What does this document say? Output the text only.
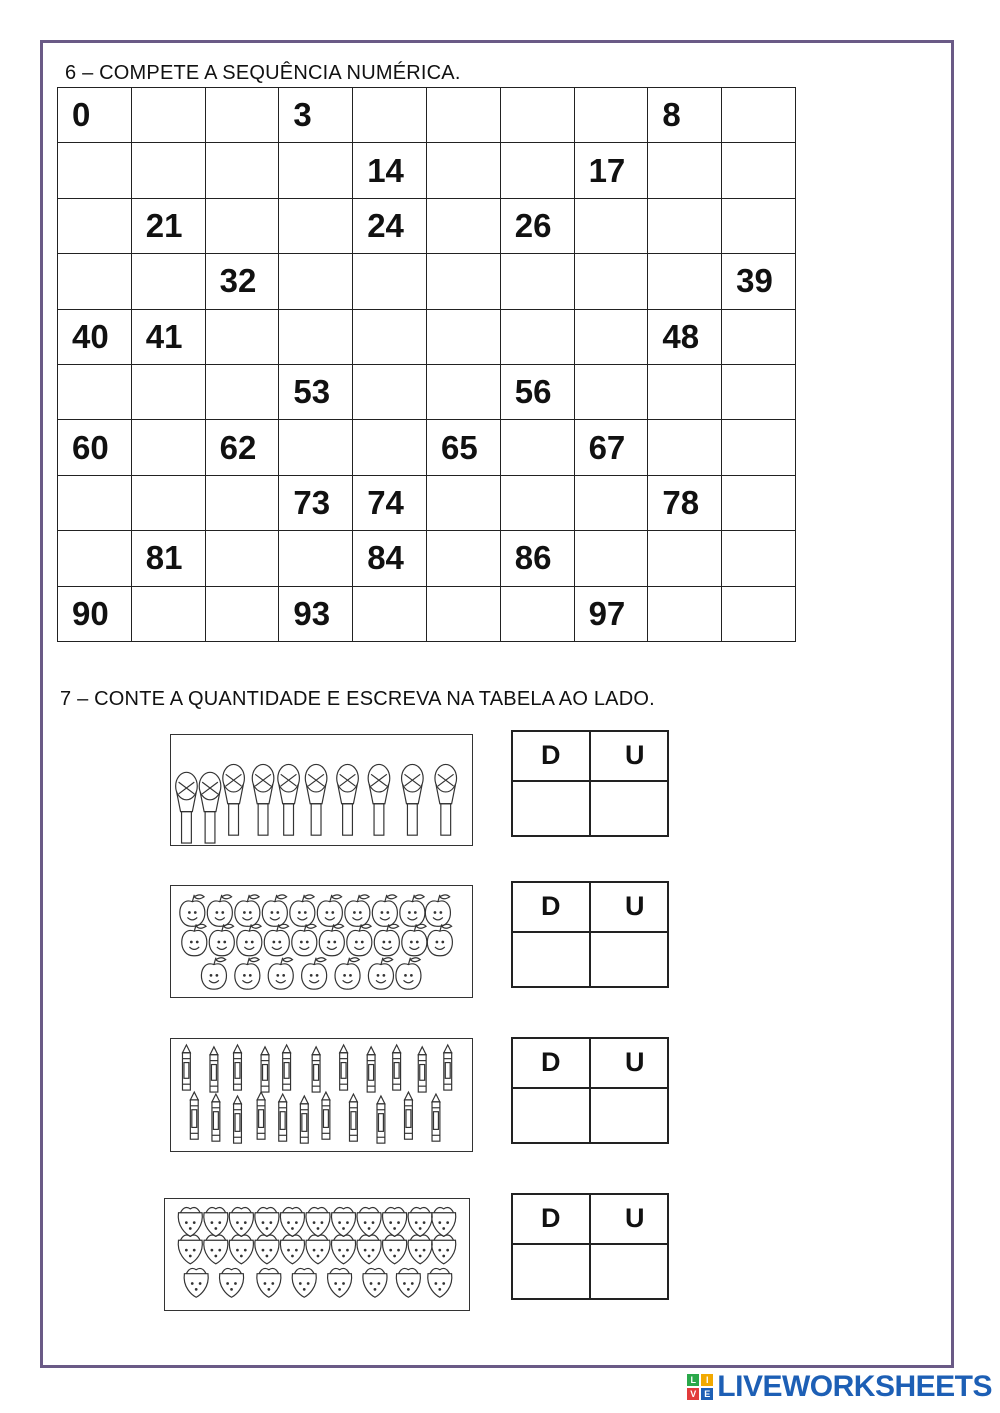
6 – COMPETE A SEQUÊNCIA NUMÉRICA.
0			3					8	
				14			17		
	21			24		26			
		32							39
40	41							48	
			53			56			
60		62			65		67		
			73	74				78	
	81			84		86			
90			93				97		
7 – CONTE A QUANTIDADE E ESCREVA NA TABELA AO LADO.
D	U

D	U

D	U

D	U

L	I
V E LIVEWORKSHEETS
